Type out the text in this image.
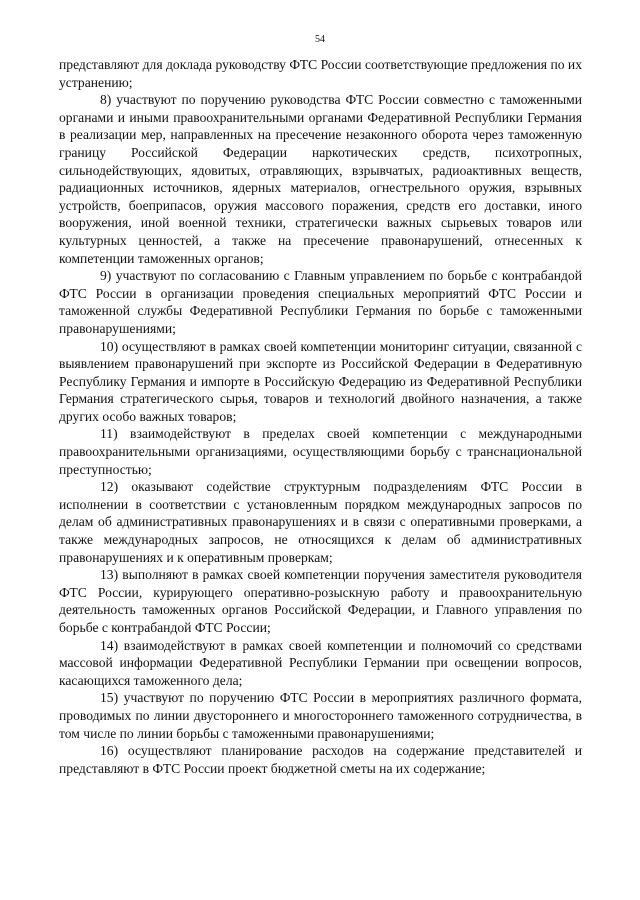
54

представляют для доклада руководству ФТС России соответствующие предложения по их устранению;

8) участвуют по поручению руководства ФТС России совместно с таможенными органами и иными правоохранительными органами Федеративной Республики Германия в реализации мер, направленных на пресечение незаконного оборота через таможенную границу Российской Федерации наркотических средств, психотропных, сильнодействующих, ядовитых, отравляющих, взрывчатых, радиоактивных веществ, радиационных источников, ядерных материалов, огнестрельного оружия, взрывных устройств, боеприпасов, оружия массового поражения, средств его доставки, иного вооружения, иной военной техники, стратегически важных сырьевых товаров или культурных ценностей, а также на пресечение правонарушений, отнесенных к компетенции таможенных органов;

9) участвуют по согласованию с Главным управлением по борьбе с контрабандой ФТС России в организации проведения специальных мероприятий ФТС России и таможенной службы Федеративной Республики Германия по борьбе с таможенными правонарушениями;

10) осуществляют в рамках своей компетенции мониторинг ситуации, связанной с выявлением правонарушений при экспорте из Российской Федерации в Федеративную Республику Германия и импорте в Российскую Федерацию из Федеративной Республики Германия стратегического сырья, товаров и технологий двойного назначения, а также других особо важных товаров;

11) взаимодействуют в пределах своей компетенции с международными правоохранительными организациями, осуществляющими борьбу с транснациональной преступностью;

12) оказывают содействие структурным подразделениям ФТС России в исполнении в соответствии с установленным порядком международных запросов по делам об административных правонарушениях и в связи с оперативными проверками, а также международных запросов, не относящихся к делам об административных правонарушениях и к оперативным проверкам;

13) выполняют в рамках своей компетенции поручения заместителя руководителя ФТС России, курирующего оперативно-розыскную работу и правоохранительную деятельность таможенных органов Российской Федерации, и Главного управления по борьбе с контрабандой ФТС России;

14) взаимодействуют в рамках своей компетенции и полномочий со средствами массовой информации Федеративной Республики Германии при освещении вопросов, касающихся таможенного дела;

15) участвуют по поручению ФТС России в мероприятиях различного формата, проводимых по линии двустороннего и многостороннего таможенного сотрудничества, в том числе по линии борьбы с таможенными правонарушениями;

16) осуществляют планирование расходов на содержание представителей и представляют в ФТС России проект бюджетной сметы на их содержание;
